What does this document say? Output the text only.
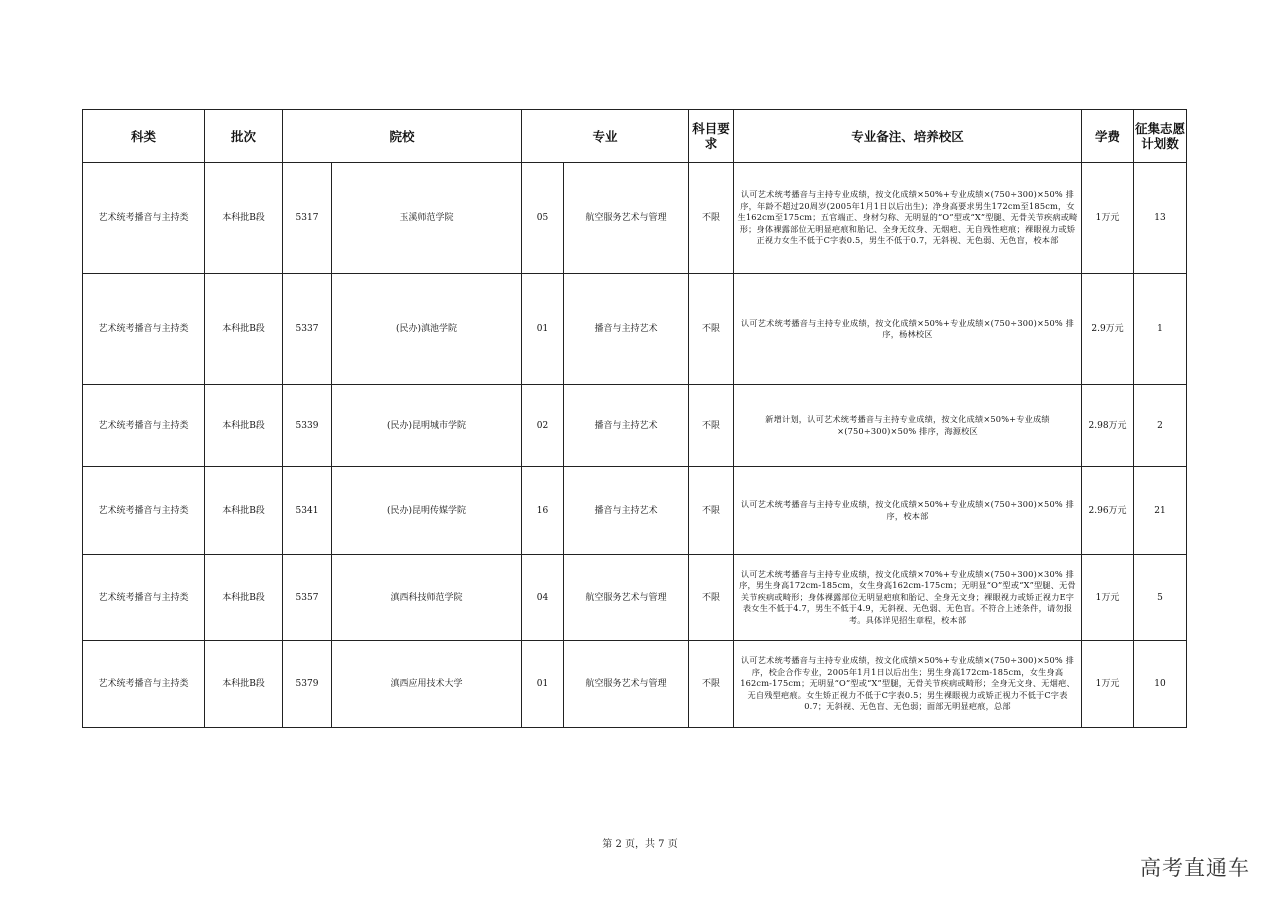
科类	批次	院校		专业		科目要求	专业备注、培养校区	学费	征集志愿计划数
艺术统考播音与主持类	本科批B段	5317	玉溪师范学院	05	航空服务艺术与管理	不限	认可艺术统考播音与主持专业成绩，按文化成绩×50%+专业成绩×(750÷300)×50% 排序，年龄不超过20周岁(2005年1月1日以后出生)；净身高要求男生172cm至185cm，女生162cm至175cm；五官端正、身材匀称、无明显的“O”型或“X”型腿、无骨关节疾病或畸形；身体裸露部位无明显疤痕和胎记、全身无纹身、无烟疤、无自残性疤痕；裸眼视力或矫正视力女生不低于C字表0.5，男生不低于0.7，无斜视、无色弱、无色盲，校本部	1万元	13
艺术统考播音与主持类	本科批B段	5337	(民办)滇池学院	01	播音与主持艺术	不限	认可艺术统考播音与主持专业成绩，按文化成绩×50%+专业成绩×(750÷300)×50% 排序，杨林校区	2.9万元	1
艺术统考播音与主持类	本科批B段	5339	(民办)昆明城市学院	02	播音与主持艺术	不限	新增计划，认可艺术统考播音与主持专业成绩，按文化成绩×50%+专业成绩×(750÷300)×50% 排序，海源校区	2.98万元	2
艺术统考播音与主持类	本科批B段	5341	(民办)昆明传媒学院	16	播音与主持艺术	不限	认可艺术统考播音与主持专业成绩，按文化成绩×50%+专业成绩×(750÷300)×50% 排序，校本部	2.96万元	21
艺术统考播音与主持类	本科批B段	5357	滇西科技师范学院	04	航空服务艺术与管理	不限	认可艺术统考播音与主持专业成绩，按文化成绩×70%+专业成绩×(750÷300)×30% 排序，男生身高172cm-185cm，女生身高162cm-175cm；无明显“O”型或“X”型腿、无骨关节疾病或畸形；身体裸露部位无明显疤痕和胎记、全身无文身；裸眼视力或矫正视力E字表女生不低于4.7，男生不低于4.9，无斜视、无色弱、无色盲。不符合上述条件，请勿报考。具体详见招生章程，校本部	1万元	5
艺术统考播音与主持类	本科批B段	5379	滇西应用技术大学	01	航空服务艺术与管理	不限	认可艺术统考播音与主持专业成绩，按文化成绩×50%+专业成绩×(750÷300)×50% 排序，校企合作专业，2005年1月1日以后出生；男生身高172cm-185cm，女生身高162cm-175cm；无明显“O”型或“X”型腿，无骨关节疾病或畸形；全身无文身、无烟疤、无自残型疤痕。女生矫正视力不低于C字表0.5；男生裸眼视力或矫正视力不低于C字表0.7；无斜视、无色盲、无色弱；面部无明显疤痕，总部	1万元	10
第 2 页，共 7 页
高考直通车
